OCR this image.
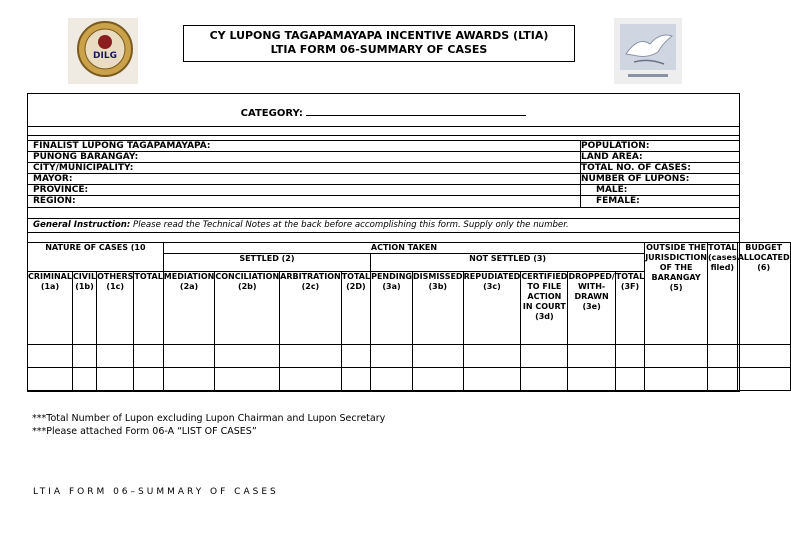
DILG
CY LUPONG TAGAPAMAYAPA INCENTIVE AWARDS (LTIA)
LTIA FORM 06-SUMMARY OF CASES
CATEGORY:
FINALIST LUPONG TAGAPAMAYAPA:	POPULATION:
PUNONG BARANGAY:	LAND AREA:
CITY/MUNICIPALITY:	TOTAL NO. OF CASES:
MAYOR:	NUMBER OF LUPONS:
PROVINCE:	MALE:
REGION:	FEMALE:
General Instruction: Please read the Technical Notes at the back before accomplishing this form. Supply only the number.
NATURE OF CASES (10				ACTION TAKEN										OUTSIDE THE JURISDICTION OF THE BARANGAY (5)	TOTAL (cases filed)	BUDGET ALLOCATED (6)
				SETTLED (2)				NOT SETTLED (3)								
CRIMINAL (1a)	CIVIL (1b)	OTHERS (1c)	TOTAL	MEDIATION (2a)	CONCILIATION (2b)	ARBITRATION (2c)	TOTAL (2D)	PENDING (3a)	DISMISSED (3b)	REPUDIATED (3c)	CERTIFIED TO FILE ACTION IN COURT (3d)	DROPPED/ WITH-DRAWN (3e)	TOTAL (3F)			

***Total Number of Lupon excluding Lupon Chairman and Lupon Secretary
***Please attached Form 06-A “LIST OF CASES”
LTIA FORM 06–SUMMARY OF CASES
